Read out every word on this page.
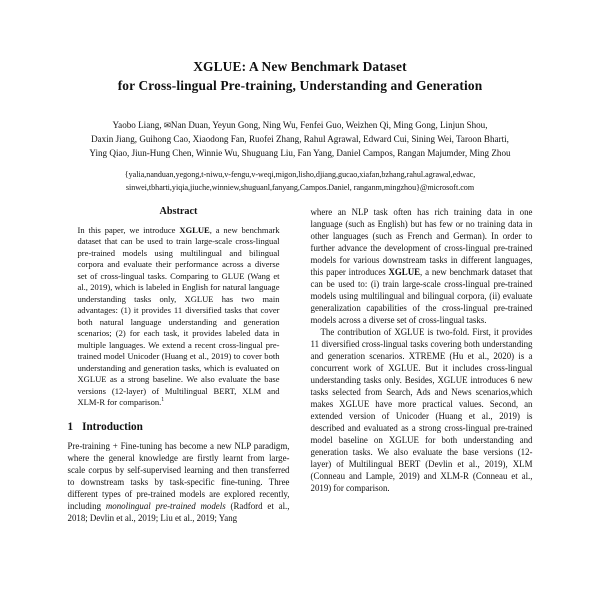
XGLUE: A New Benchmark Dataset
for Cross-lingual Pre-training, Understanding and Generation
Yaobo Liang, ✉Nan Duan, Yeyun Gong, Ning Wu, Fenfei Guo, Weizhen Qi, Ming Gong, Linjun Shou,
Daxin Jiang, Guihong Cao, Xiaodong Fan, Ruofei Zhang, Rahul Agrawal, Edward Cui, Sining Wei, Taroon Bharti,
Ying Qiao, Jiun-Hung Chen, Winnie Wu, Shuguang Liu, Fan Yang, Daniel Campos, Rangan Majumder, Ming Zhou
{yalia,nanduan,yegong,t-niwu,v-fengu,v-weqi,migon,lisho,djiang,gucao,xiafan,bzhang,rahul.agrawal,edwac,
sinwei,tbharti,yiqia,jiuche,winniew,shuguanl,fanyang,Campos.Daniel, ranganm,mingzhou}@microsoft.com
Abstract
In this paper, we introduce XGLUE, a new benchmark dataset that can be used to train large-scale cross-lingual pre-trained models using multilingual and bilingual corpora and evaluate their performance across a diverse set of cross-lingual tasks. Comparing to GLUE (Wang et al., 2019), which is labeled in English for natural language understanding tasks only, XGLUE has two main advantages: (1) it provides 11 diversified tasks that cover both natural language understanding and generation scenarios; (2) for each task, it provides labeled data in multiple languages. We extend a recent cross-lingual pre-trained model Unicoder (Huang et al., 2019) to cover both understanding and generation tasks, which is evaluated on XGLUE as a strong baseline. We also evaluate the base versions (12-layer) of Multilingual BERT, XLM and XLM-R for comparison.$^1$
1 Introduction

Pre-training + Fine-tuning has become a new NLP paradigm, where the general knowledge are firstly learnt from large-scale corpus by self-supervised learning and then transferred to downstream tasks by task-specific fine-tuning. Three different types of pre-trained models are explored recently, including monolingual pre-trained models (Radford et al., 2018; Devlin et al., 2019; Liu et al., 2019; Yang

where an NLP task often has rich training data in one language (such as English) but has few or no training data in other languages (such as French and German). In order to further advance the development of cross-lingual pre-trained models for various downstream tasks in different languages, this paper introduces XGLUE, a new benchmark dataset that can be used to: (i) train large-scale cross-lingual pre-trained models using multilingual and bilingual corpora, (ii) evaluate generalization capabilities of the cross-lingual pre-trained models across a diverse set of cross-lingual tasks.

The contribution of XGLUE is two-fold. First, it provides 11 diversified cross-lingual tasks covering both understanding and generation scenarios. XTREME (Hu et al., 2020) is a concurrent work of XGLUE. But it includes cross-lingual understanding tasks only. Besides, XGLUE introduces 6 new tasks selected from Search, Ads and News scenarios,which makes XGLUE have more practical values. Second, an extended version of Unicoder (Huang et al., 2019) is described and evaluated as a strong cross-lingual pre-trained model baseline on XGLUE for both understanding and generation tasks. We also evaluate the base versions (12-layer) of Multilingual BERT (Devlin et al., 2019), XLM (Conneau and Lample, 2019) and XLM-R (Conneau et al., 2019) for comparison.
